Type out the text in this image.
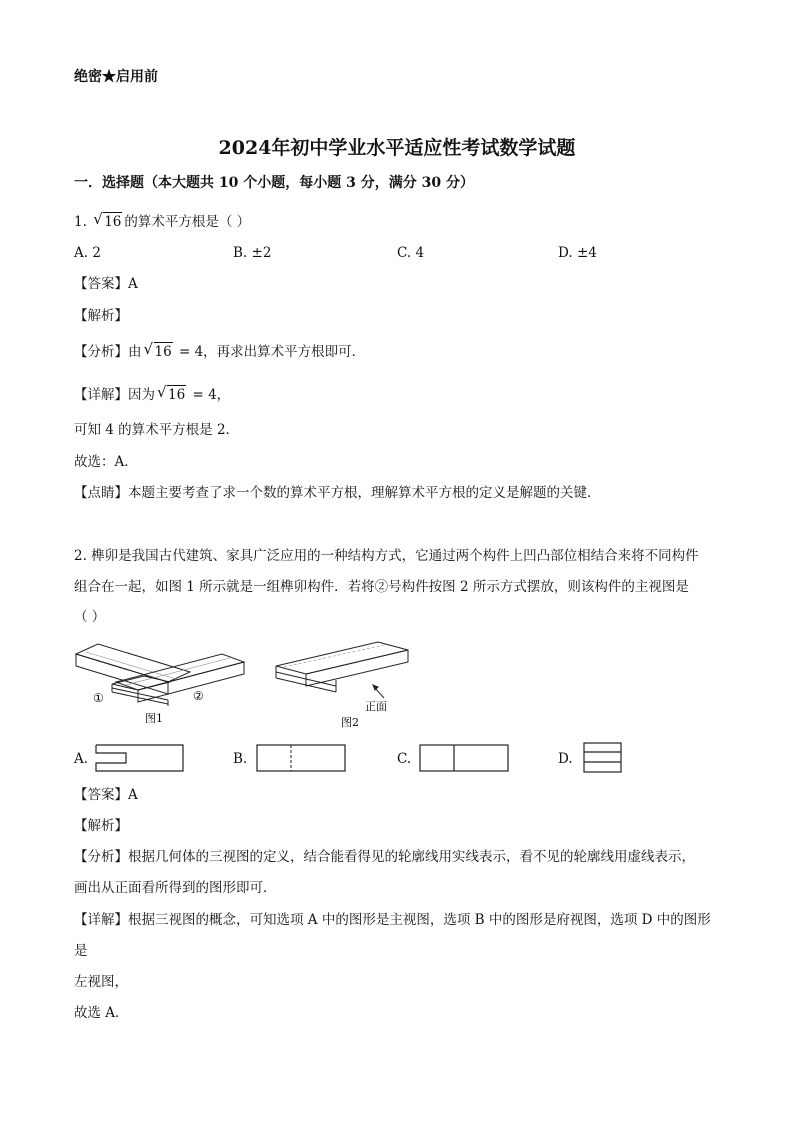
绝密★启用前
2024年初中学业水平适应性考试数学试题
一．选择题（本大题共 10 个小题，每小题 3 分，满分 30 分）
1. √ 16 的算术平方根是（ ）
A. 2	B. ±2	C. 4	D. ±4
【答案】A
【解析】
【分析】由 √ 16 = 4，再求出算术平方根即可．
【详解】因为 √ 16 = 4，
可知 4 的算术平方根是 2．
故选：A．
【点睛】本题主要考查了求一个数的算术平方根，理解算术平方根的定义是解题的关键．
2. 榫卯是我国古代建筑、家具广泛应用的一种结构方式，它通过两个构件上凹凸部位相结合来将不同构件
组合在一起，如图 1 所示就是一组榫卯构件．若将②号构件按图 2 所示方式摆放，则该构件的主视图是
（ ）
①	②
图1
正面
图2
A.	B.	C.	D.
【答案】A
【解析】
【分析】根据几何体的三视图的定义，结合能看得见的轮廓线用实线表示，看不见的轮廓线用虚线表示，
画出从正面看所得到的图形即可．
【详解】根据三视图的概念，可知选项 A 中的图形是主视图，选项 B 中的图形是府视图，选项 D 中的图形
是
左视图，
故选 A．
